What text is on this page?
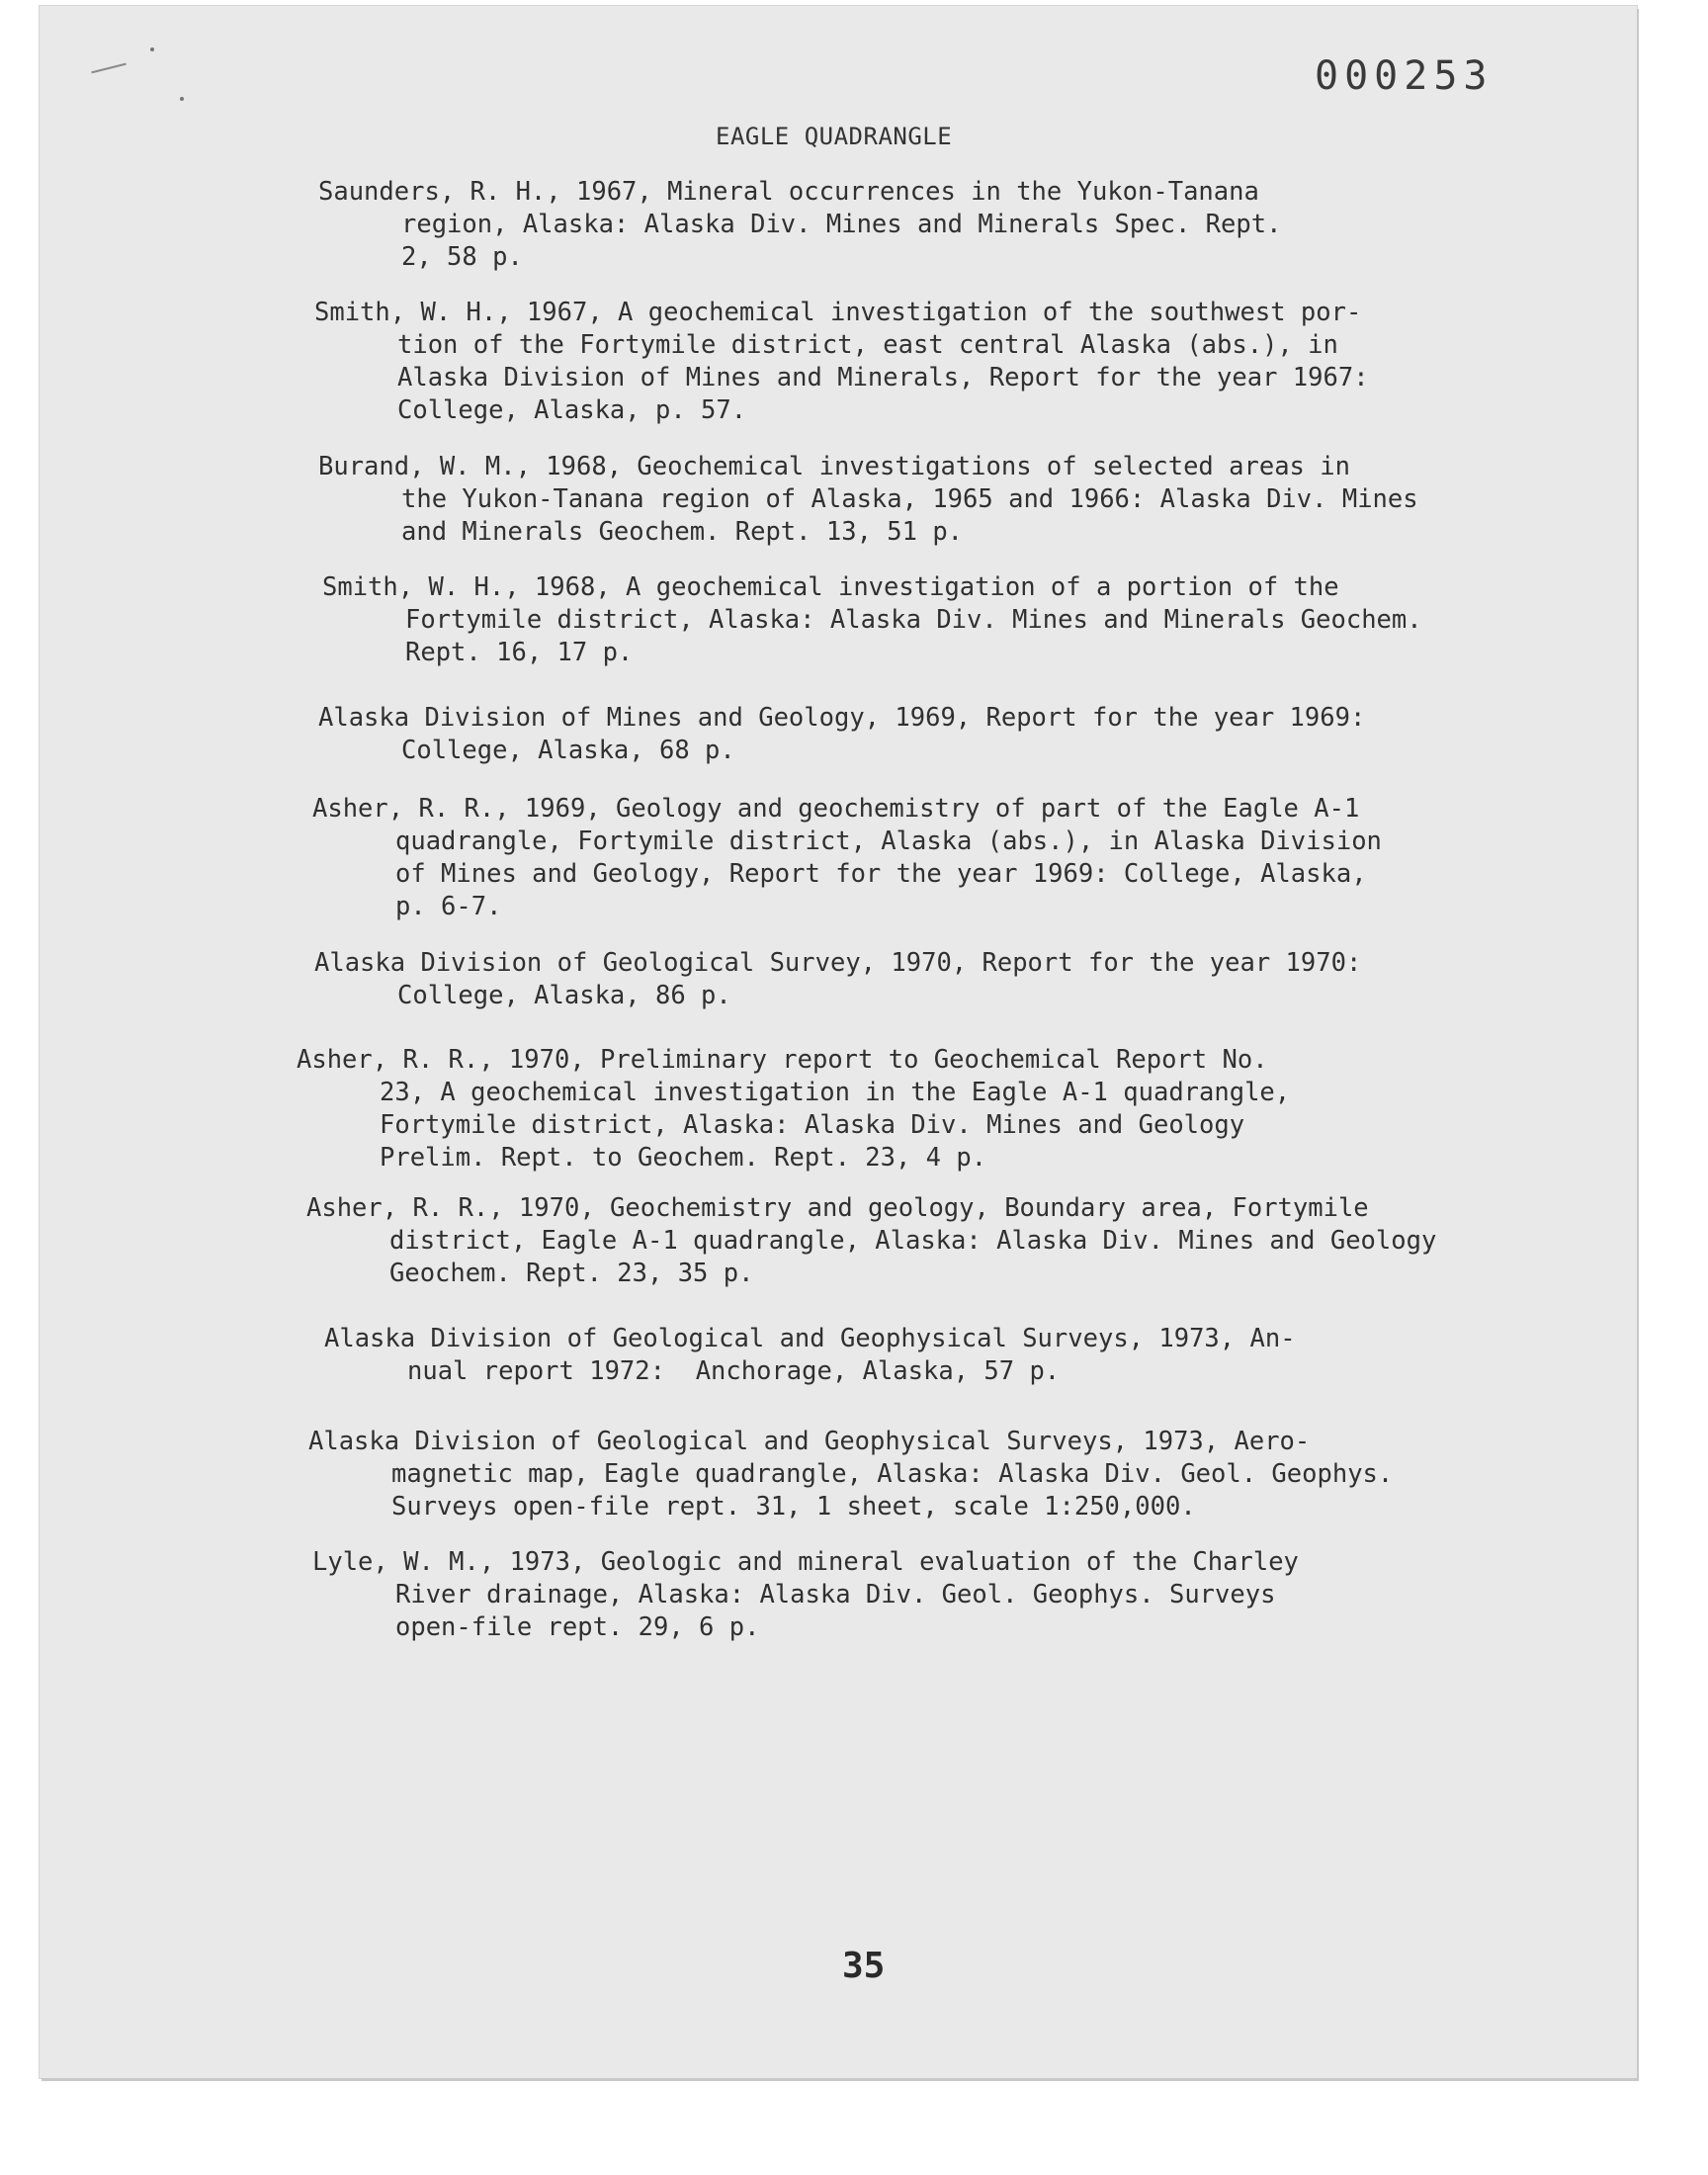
000253
EAGLE QUADRANGLE
Saunders, R. H., 1967, Mineral occurrences in the Yukon-Tanana
region, Alaska: Alaska Div. Mines and Minerals Spec. Rept.
2, 58 p.
Smith, W. H., 1967, A geochemical investigation of the southwest por-
tion of the Fortymile district, east central Alaska (abs.), in
Alaska Division of Mines and Minerals, Report for the year 1967:
College, Alaska, p. 57.
Burand, W. M., 1968, Geochemical investigations of selected areas in
the Yukon-Tanana region of Alaska, 1965 and 1966: Alaska Div. Mines
and Minerals Geochem. Rept. 13, 51 p.
Smith, W. H., 1968, A geochemical investigation of a portion of the
Fortymile district, Alaska: Alaska Div. Mines and Minerals Geochem.
Rept. 16, 17 p.
Alaska Division of Mines and Geology, 1969, Report for the year 1969:
College, Alaska, 68 p.
Asher, R. R., 1969, Geology and geochemistry of part of the Eagle A-1
quadrangle, Fortymile district, Alaska (abs.), in Alaska Division
of Mines and Geology, Report for the year 1969: College, Alaska,
p. 6-7.
Alaska Division of Geological Survey, 1970, Report for the year 1970:
College, Alaska, 86 p.
Asher, R. R., 1970, Preliminary report to Geochemical Report No.
23, A geochemical investigation in the Eagle A-1 quadrangle,
Fortymile district, Alaska: Alaska Div. Mines and Geology
Prelim. Rept. to Geochem. Rept. 23, 4 p.
Asher, R. R., 1970, Geochemistry and geology, Boundary area, Fortymile
district, Eagle A-1 quadrangle, Alaska: Alaska Div. Mines and Geology
Geochem. Rept. 23, 35 p.
Alaska Division of Geological and Geophysical Surveys, 1973, An-
nual report 1972:  Anchorage, Alaska, 57 p.
Alaska Division of Geological and Geophysical Surveys, 1973, Aero-
magnetic map, Eagle quadrangle, Alaska: Alaska Div. Geol. Geophys.
Surveys open-file rept. 31, 1 sheet, scale 1:250,000.
Lyle, W. M., 1973, Geologic and mineral evaluation of the Charley
River drainage, Alaska: Alaska Div. Geol. Geophys. Surveys
open-file rept. 29, 6 p.
35
